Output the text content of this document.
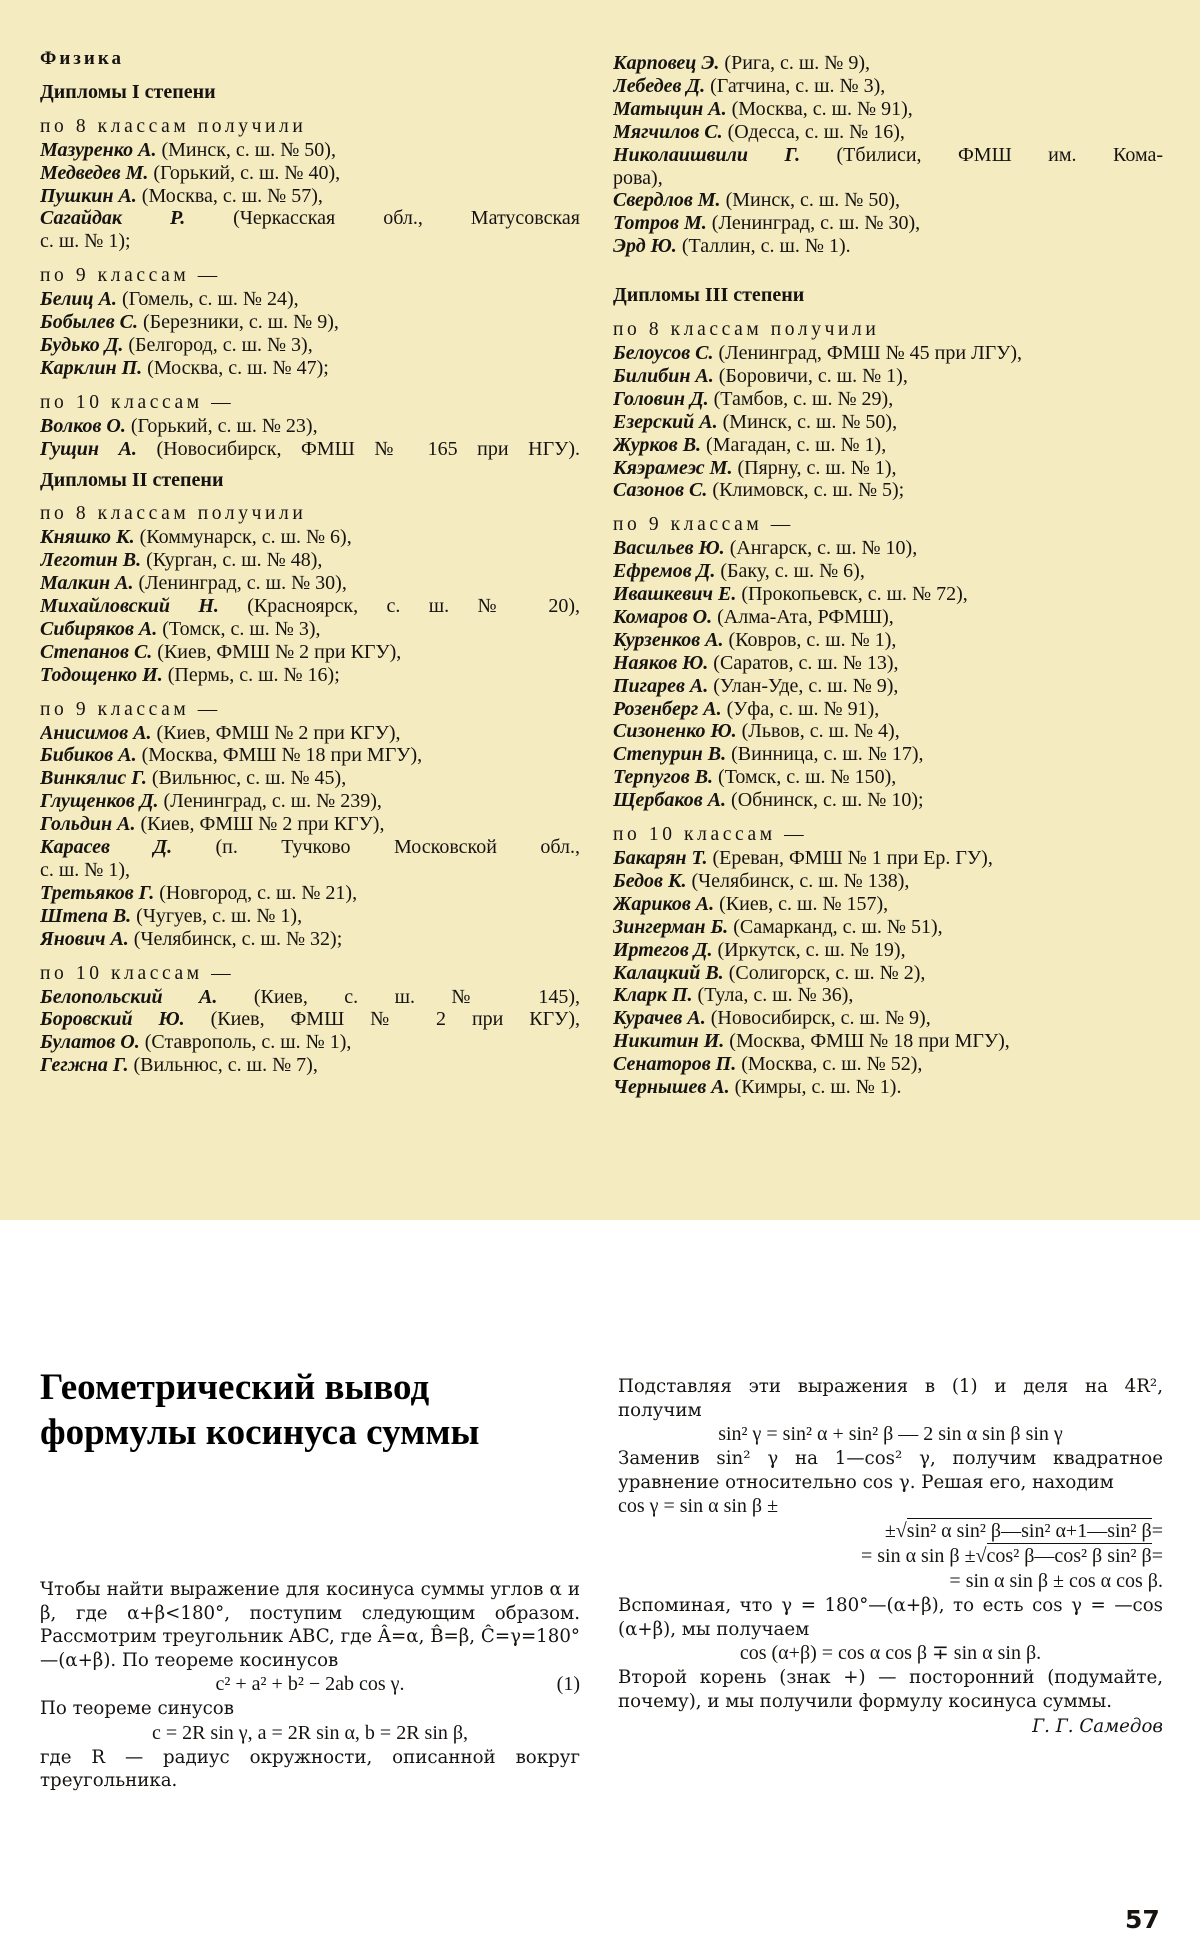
Физика
Дипломы I степени
по 8 классам получили
Мазуренко А. (Минск, с. ш. № 50),
Медведев М. (Горький, с. ш. № 40),
Пушкин А. (Москва, с. ш. № 57),
Сагайдак Р. (Черкасская обл., Матусовская
с. ш. № 1);
по 9 классам —
Белиц А. (Гомель, с. ш. № 24),
Бобылев С. (Березники, с. ш. № 9),
Будько Д. (Белгород, с. ш. № 3),
Карклин П. (Москва, с. ш. № 47);
по 10 классам —
Волков О. (Горький, с. ш. № 23),
Гущин А. (Новосибирск, ФМШ № 165 при НГУ).
Дипломы II степени
по 8 классам получили
Княшко К. (Коммунарск, с. ш. № 6),
Леготин В. (Курган, с. ш. № 48),
Малкин А. (Ленинград, с. ш. № 30),
Михайловский Н. (Красноярск, с. ш. № 20),
Сибиряков А. (Томск, с. ш. № 3),
Степанов С. (Киев, ФМШ № 2 при КГУ),
Тодощенко И. (Пермь, с. ш. № 16);
по 9 классам —
Анисимов А. (Киев, ФМШ № 2 при КГУ),
Бибиков А. (Москва, ФМШ № 18 при МГУ),
Винкялис Г. (Вильнюс, с. ш. № 45),
Глущенков Д. (Ленинград, с. ш. № 239),
Гольдин А. (Киев, ФМШ № 2 при КГУ),
Карасев Д. (п. Тучково Московской обл.,
с. ш. № 1),
Третьяков Г. (Новгород, с. ш. № 21),
Штепа В. (Чугуев, с. ш. № 1),
Янович А. (Челябинск, с. ш. № 32);
по 10 классам —
Белопольский А. (Киев, с. ш. № 145),
Боровский Ю. (Киев, ФМШ № 2 при КГУ),
Булатов О. (Ставрополь, с. ш. № 1),
Гегжна Г. (Вильнюс, с. ш. № 7),
Карповец Э. (Рига, с. ш. № 9),
Лебедев Д. (Гатчина, с. ш. № 3),
Матыцин А. (Москва, с. ш. № 91),
Мягчилов С. (Одесса, с. ш. № 16),
Николаишвили Г. (Тбилиси, ФМШ им. Кома-
рова),
Свердлов М. (Минск, с. ш. № 50),
Тотров М. (Ленинград, с. ш. № 30),
Эрд Ю. (Таллин, с. ш. № 1).
Дипломы III степени
по 8 классам получили
Белоусов С. (Ленинград, ФМШ № 45 при ЛГУ),
Билибин А. (Боровичи, с. ш. № 1),
Головин Д. (Тамбов, с. ш. № 29),
Езерский А. (Минск, с. ш. № 50),
Журков В. (Магадан, с. ш. № 1),
Кяэрамеэс М. (Пярну, с. ш. № 1),
Сазонов С. (Климовск, с. ш. № 5);
по 9 классам —
Васильев Ю. (Ангарск, с. ш. № 10),
Ефремов Д. (Баку, с. ш. № 6),
Ивашкевич Е. (Прокопьевск, с. ш. № 72),
Комаров О. (Алма-Ата, РФМШ),
Курзенков А. (Ковров, с. ш. № 1),
Наяков Ю. (Саратов, с. ш. № 13),
Пигарев А. (Улан-Уде, с. ш. № 9),
Розенберг А. (Уфа, с. ш. № 91),
Сизоненко Ю. (Львов, с. ш. № 4),
Степурин В. (Винница, с. ш. № 17),
Терпугов В. (Томск, с. ш. № 150),
Щербаков А. (Обнинск, с. ш. № 10);
по 10 классам —
Бакарян Т. (Ереван, ФМШ № 1 при Ер. ГУ),
Бедов К. (Челябинск, с. ш. № 138),
Жариков А. (Киев, с. ш. № 157),
Зингерман Б. (Самарканд, с. ш. № 51),
Иртегов Д. (Иркутск, с. ш. № 19),
Калацкий В. (Солигорск, с. ш. № 2),
Кларк П. (Тула, с. ш. № 36),
Курачев А. (Новосибирск, с. ш. № 9),
Никитин И. (Москва, ФМШ № 18 при МГУ),
Сенаторов П. (Москва, с. ш. № 52),
Чернышев А. (Кимры, с. ш. № 1).
Геометрический вывод
формулы косинуса суммы
Чтобы найти выражение для косинуса суммы углов α и β, где α+β<180°, поступим следующим образом. Рассмотрим треугольник ABC, где Â=α, B̂=β, Ĉ=γ=180°—(α+β). По теореме косинусов
c² + a² + b² − 2ab cos γ.	(1)
По теореме синусов
c = 2R sin γ, a = 2R sin α, b = 2R sin β,
где R — радиус окружности, описанной вокруг треугольника.
Подставляя эти выражения в (1) и деля на 4R², получим
sin² γ = sin² α + sin² β — 2 sin α sin β sin γ
Заменив sin² γ на 1—cos² γ, получим квадратное уравнение относительно cos γ. Решая его, находим
cos γ = sin α sin β ±
±√sin² α sin² β—sin² α+1—sin² β=
= sin α sin β ±√cos² β—cos² β sin² β=
= sin α sin β ± cos α cos β.
Вспоминая, что γ = 180°—(α+β), то есть cos γ = —cos (α+β), мы получаем
cos (α+β) = cos α cos β ∓ sin α sin β.
Второй корень (знак +) — посторонний (подумайте, почему), и мы получили формулу косинуса суммы.
Г. Г. Самедов
57
